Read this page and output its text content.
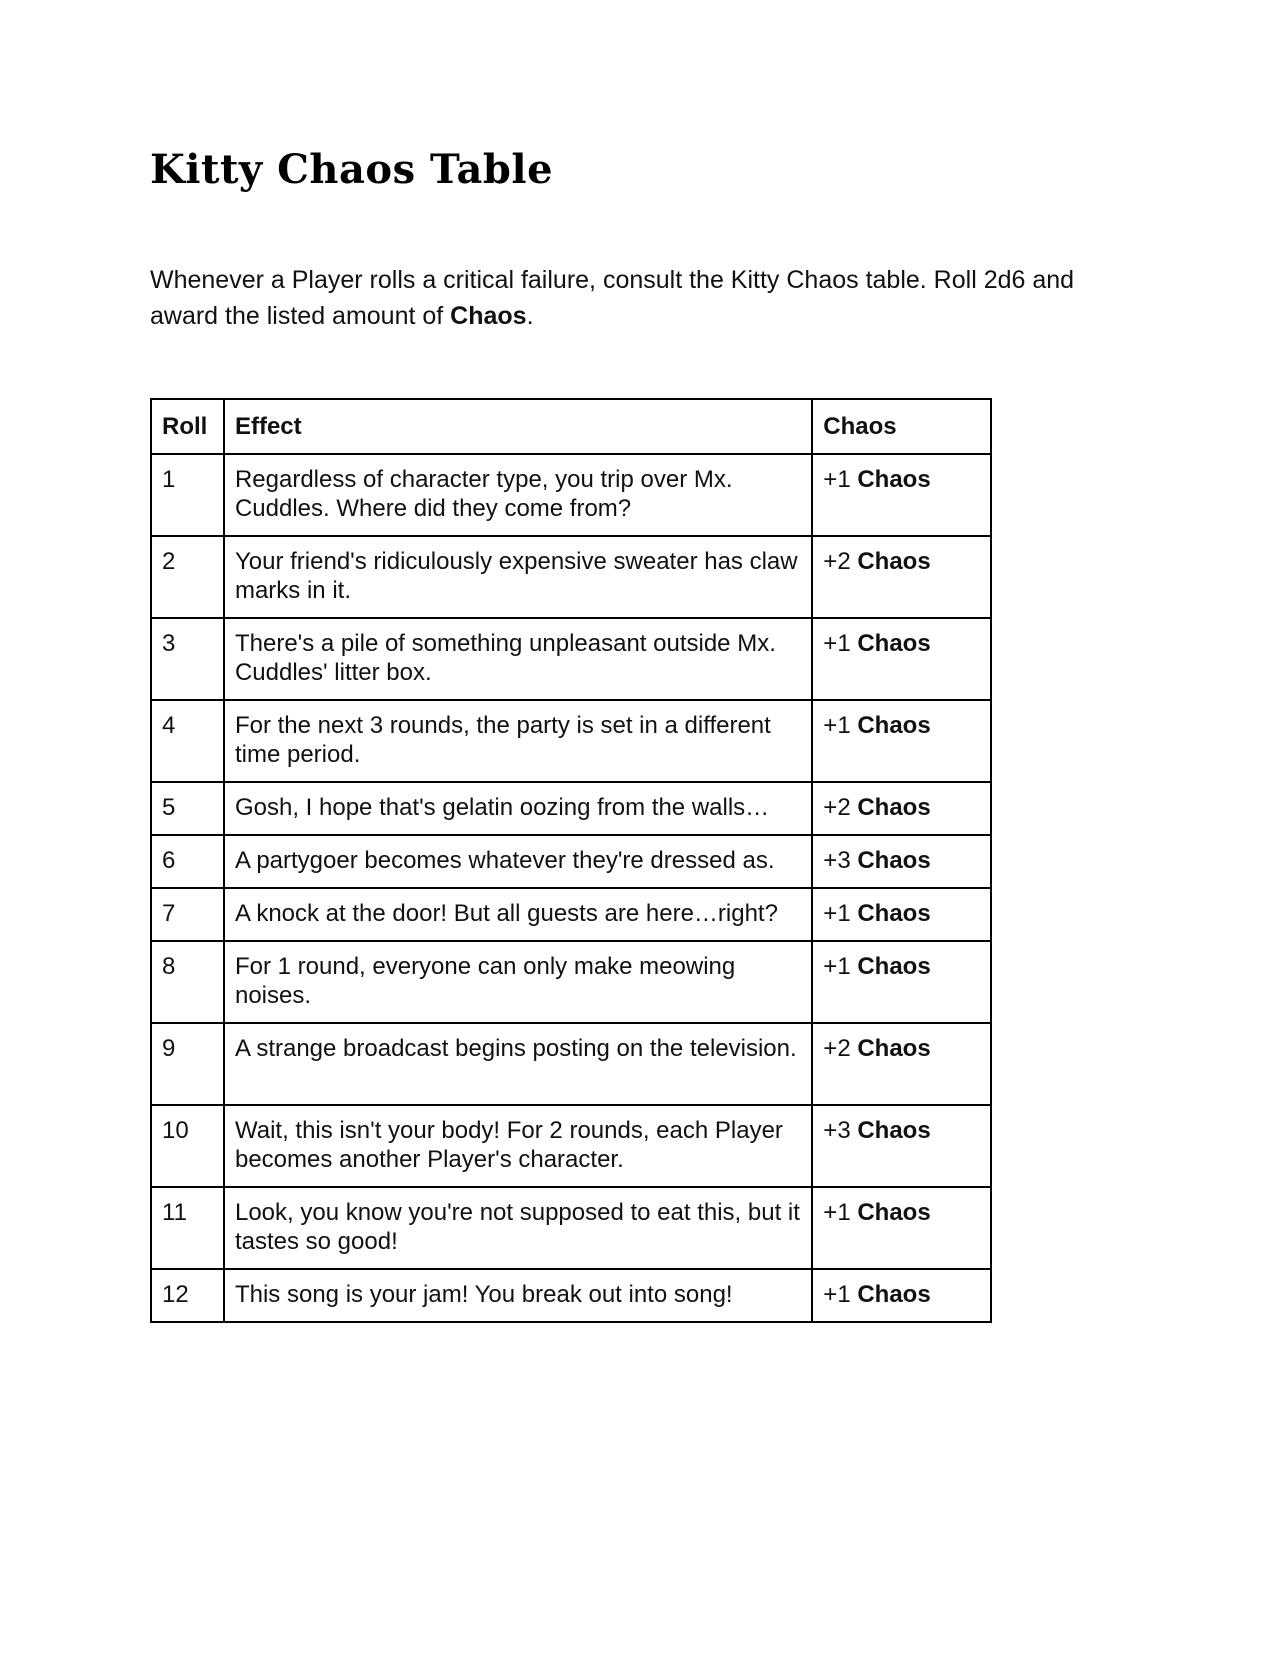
Kitty Chaos Table

Whenever a Player rolls a critical failure, consult the Kitty Chaos table. Roll 2d6 and award the listed amount of Chaos.

Roll	Effect	Chaos
1	Regardless of character type, you trip over Mx. Cuddles. Where did they come from?	+1 Chaos
2	Your friend's ridiculously expensive sweater has claw marks in it.	+2 Chaos
3	There's a pile of something unpleasant outside Mx. Cuddles' litter box.	+1 Chaos
4	For the next 3 rounds, the party is set in a different time period.	+1 Chaos
5	Gosh, I hope that's gelatin oozing from the walls…	+2 Chaos
6	A partygoer becomes whatever they're dressed as.	+3 Chaos
7	A knock at the door! But all guests are here…right?	+1 Chaos
8	For 1 round, everyone can only make meowing noises.	+1 Chaos
9	A strange broadcast begins posting on the television.	+2 Chaos
10	Wait, this isn't your body! For 2 rounds, each Player becomes another Player's character.	+3 Chaos
11	Look, you know you're not supposed to eat this, but it tastes so good!	+1 Chaos
12	This song is your jam! You break out into song!	+1 Chaos
